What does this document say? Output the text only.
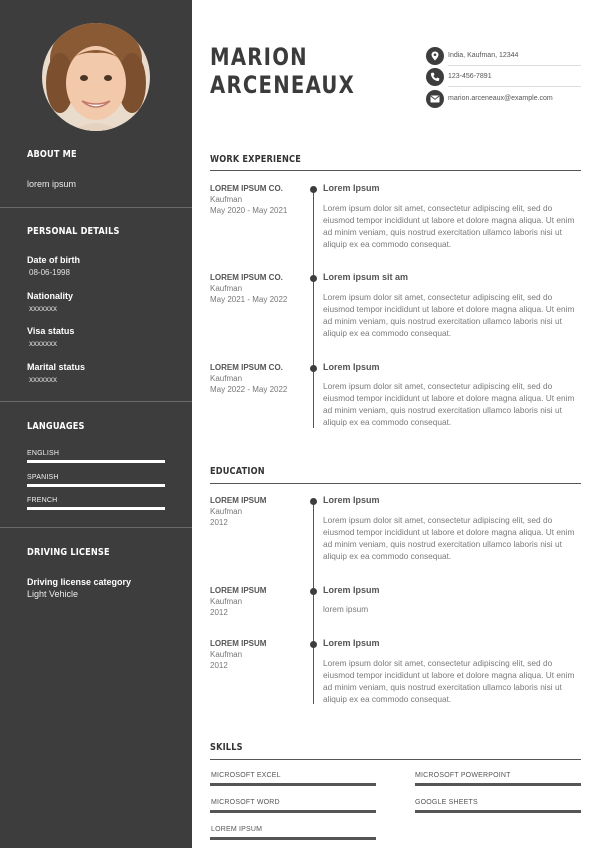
ABOUT ME
lorem ipsum
PERSONAL DETAILS
Date of birth
08-06-1998
Nationality
xxxxxxx
Visa status
xxxxxxx
Marital status
xxxxxxx
LANGUAGES
ENGLISH
SPANISH
FRENCH
DRIVING LICENSE
Driving license category
Light Vehicle
MARION
ARCENEAUX
India, Kaufman, 12344
123-456-7891
marion.arceneaux@example.com
WORK EXPERIENCE
LOREM IPSUM CO.
Kaufman
May 2020 - May 2021
Lorem Ipsum
Lorem ipsum dolor sit amet, consectetur adipiscing elit, sed do eiusmod tempor incididunt ut labore et dolore magna aliqua. Ut enim ad minim veniam, quis nostrud exercitation ullamco laboris nisi ut aliquip ex ea commodo consequat.
LOREM IPSUM CO.
Kaufman
May 2021 - May 2022
Lorem ipsum sit am
Lorem ipsum dolor sit amet, consectetur adipiscing elit, sed do eiusmod tempor incididunt ut labore et dolore magna aliqua. Ut enim ad minim veniam, quis nostrud exercitation ullamco laboris nisi ut aliquip ex ea commodo consequat.
LOREM IPSUM CO.
Kaufman
May 2022 - May 2022
Lorem Ipsum
Lorem ipsum dolor sit amet, consectetur adipiscing elit, sed do eiusmod tempor incididunt ut labore et dolore magna aliqua. Ut enim ad minim veniam, quis nostrud exercitation ullamco laboris nisi ut aliquip ex ea commodo consequat.
EDUCATION
LOREM IPSUM
Kaufman
2012
Lorem Ipsum
Lorem ipsum dolor sit amet, consectetur adipiscing elit, sed do eiusmod tempor incididunt ut labore et dolore magna aliqua. Ut enim ad minim veniam, quis nostrud exercitation ullamco laboris nisi ut aliquip ex ea commodo consequat.
LOREM IPSUM
Kaufman
2012
Lorem Ipsum
lorem ipsum
LOREM IPSUM
Kaufman
2012
Lorem Ipsum
Lorem ipsum dolor sit amet, consectetur adipiscing elit, sed do eiusmod tempor incididunt ut labore et dolore magna aliqua. Ut enim ad minim veniam, quis nostrud exercitation ullamco laboris nisi ut aliquip ex ea commodo consequat.
SKILLS
MICROSOFT EXCEL	MICROSOFT POWERPOINT
MICROSOFT WORD	GOOGLE SHEETS
LOREM IPSUM
